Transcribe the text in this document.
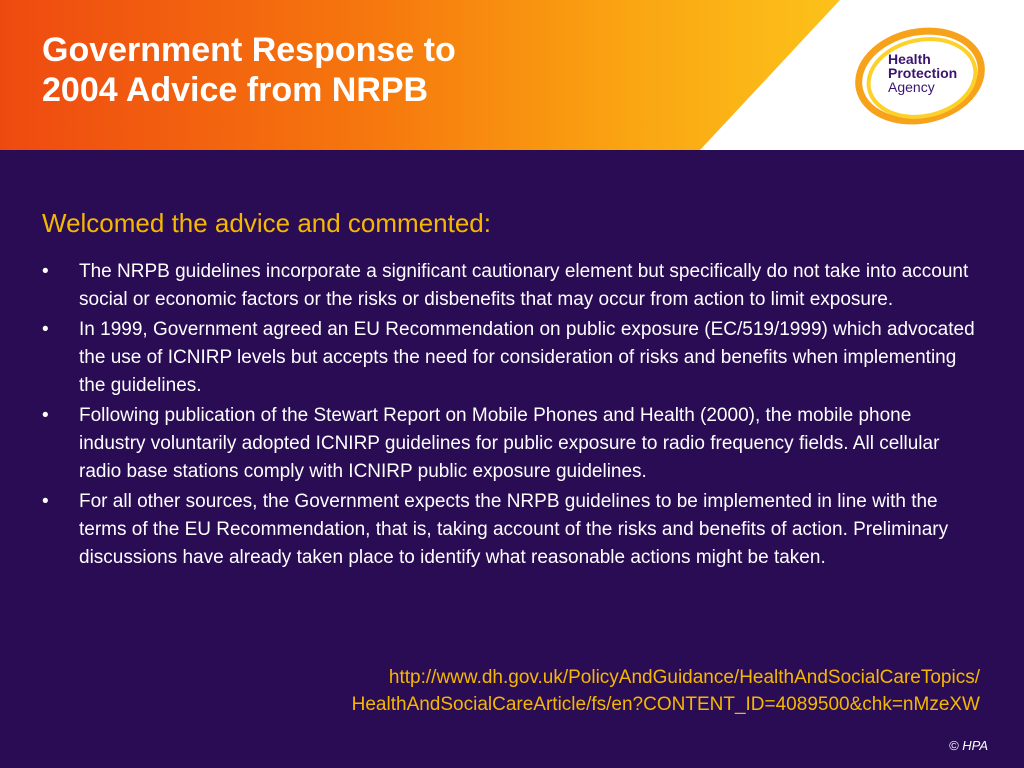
Government Response to
2004 Advice from NRPB
Health
Protection
Agency
Welcomed the advice and commented:
• The NRPB guidelines incorporate a significant cautionary element but specifically do not take into account social or economic factors or the risks or disbenefits that may occur from action to limit exposure.
• In 1999, Government agreed an EU Recommendation on public exposure (EC/519/1999) which advocated the use of ICNIRP levels but accepts the need for consideration of risks and benefits when implementing the guidelines.
• Following publication of the Stewart Report on Mobile Phones and Health (2000), the mobile phone industry voluntarily adopted ICNIRP guidelines for public exposure to radio frequency fields. All cellular radio base stations comply with ICNIRP public exposure guidelines.
• For all other sources, the Government expects the NRPB guidelines to be implemented in line with the terms of the EU Recommendation, that is, taking account of the risks and benefits of action. Preliminary discussions have already taken place to identify what reasonable actions might be taken.
http://www.dh.gov.uk/PolicyAndGuidance/HealthAndSocialCareTopics/
HealthAndSocialCareArticle/fs/en?CONTENT_ID=4089500&chk=nMzeXW
© HPA
